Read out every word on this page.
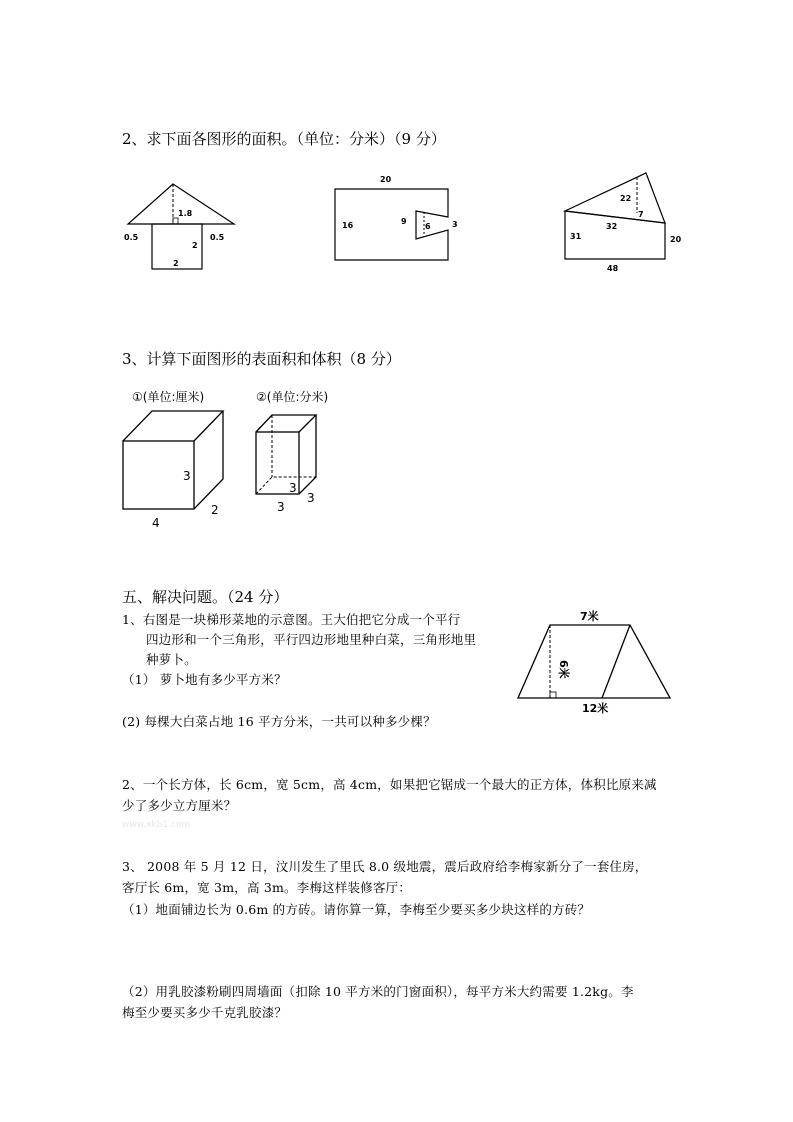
2、求下面各图形的面积。（单位：分米）（9 分）
1.8
0.5	0.5
2
2
20
16	9
6	3
22
7
32
31	20
48
3、计算下面图形的表面积和体积（8 分）
①(单位:厘米)	②(单位:分米)
3
2
4
3
3
3
五、解决问题。（24 分）
1、右图是一块梯形菜地的示意图。王大伯把它分成一个平行
四边形和一个三角形，平行四边形地里种白菜，三角形地里
种萝卜。
（1） 萝卜地有多少平方米？
(2) 每棵大白菜占地 16 平方分米，一共可以种多少棵？
7米
6米
12米
2、一个长方体，长 6cm，宽 5cm，高 4cm，如果把它锯成一个最大的正方体，体积比原来减
少了多少立方厘米？
www.xkb1.com
3、 2008 年 5 月 12 日，汶川发生了里氏 8.0 级地震，震后政府给李梅家新分了一套住房，
客厅长 6m，宽 3m，高 3m。李梅这样装修客厅：
（1）地面铺边长为 0.6m 的方砖。请你算一算，李梅至少要买多少块这样的方砖？
（2）用乳胶漆粉刷四周墙面（扣除 10 平方米的门窗面积），每平方米大约需要 1.2kg。李
梅至少要买多少千克乳胶漆？
